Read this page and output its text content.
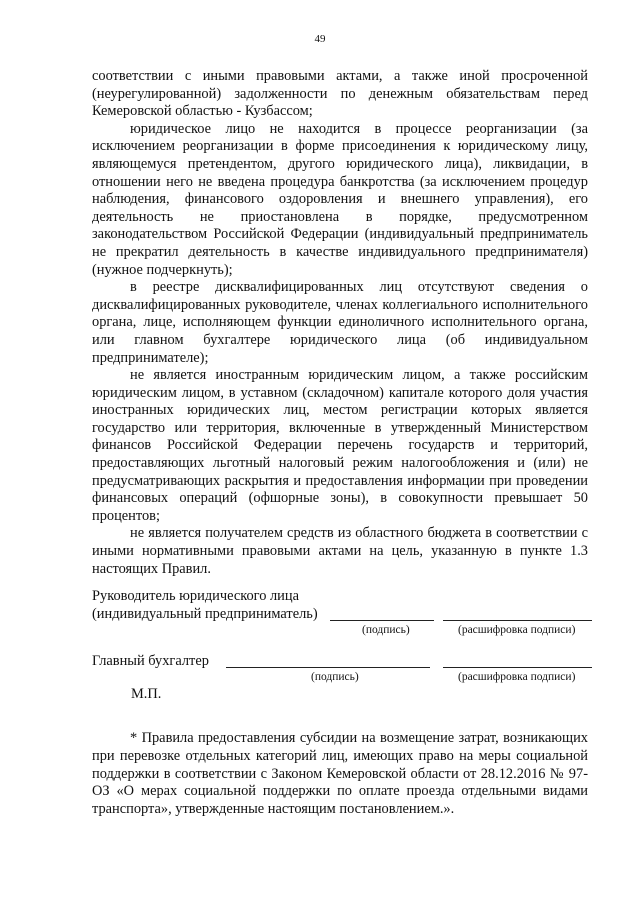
49

соответствии с иными правовыми актами, а также иной просроченной (неурегулированной) задолженности по денежным обязательствам перед Кемеровской областью - Кузбассом;

юридическое лицо не находится в процессе реорганизации (за исключением реорганизации в форме присоединения к юридическому лицу, являющемуся претендентом, другого юридического лица), ликвидации, в отношении него не введена процедура банкротства (за исключением процедур наблюдения, финансового оздоровления и внешнего управления), его деятельность не приостановлена в порядке, предусмотренном законодательством Российской Федерации (индивидуальный предприниматель не прекратил деятельность в качестве индивидуального предпринимателя) (нужное подчеркнуть);

в реестре дисквалифицированных лиц отсутствуют сведения о дисквалифицированных руководителе, членах коллегиального исполнительного органа, лице, исполняющем функции единоличного исполнительного органа, или главном бухгалтере юридического лица (об индивидуальном предпринимателе);

не является иностранным юридическим лицом, а также российским юридическим лицом, в уставном (складочном) капитале которого доля участия иностранных юридических лиц, местом регистрации которых является государство или территория, включенные в утвержденный Министерством финансов Российской Федерации перечень государств и территорий, предоставляющих льготный налоговый режим налогообложения и (или) не предусматривающих раскрытия и предоставления информации при проведении финансовых операций (офшорные зоны), в совокупности превышает 50 процентов;

не является получателем средств из областного бюджета в соответствии с иными нормативными правовыми актами на цель, указанную в пункте 1.3 настоящих Правил.

Руководитель юридического лица
(индивидуальный предприниматель)
(подпись)	(расшифровка подписи)
Главный бухгалтер
(подпись)	(расшифровка подписи)
М.П.

* Правила предоставления субсидии на возмещение затрат, возникающих при перевозке отдельных категорий лиц, имеющих право на меры социальной поддержки в соответствии с Законом Кемеровской области от 28.12.2016 № 97-ОЗ «О мерах социальной поддержки по оплате проезда отдельными видами транспорта», утвержденные настоящим постановлением.».
